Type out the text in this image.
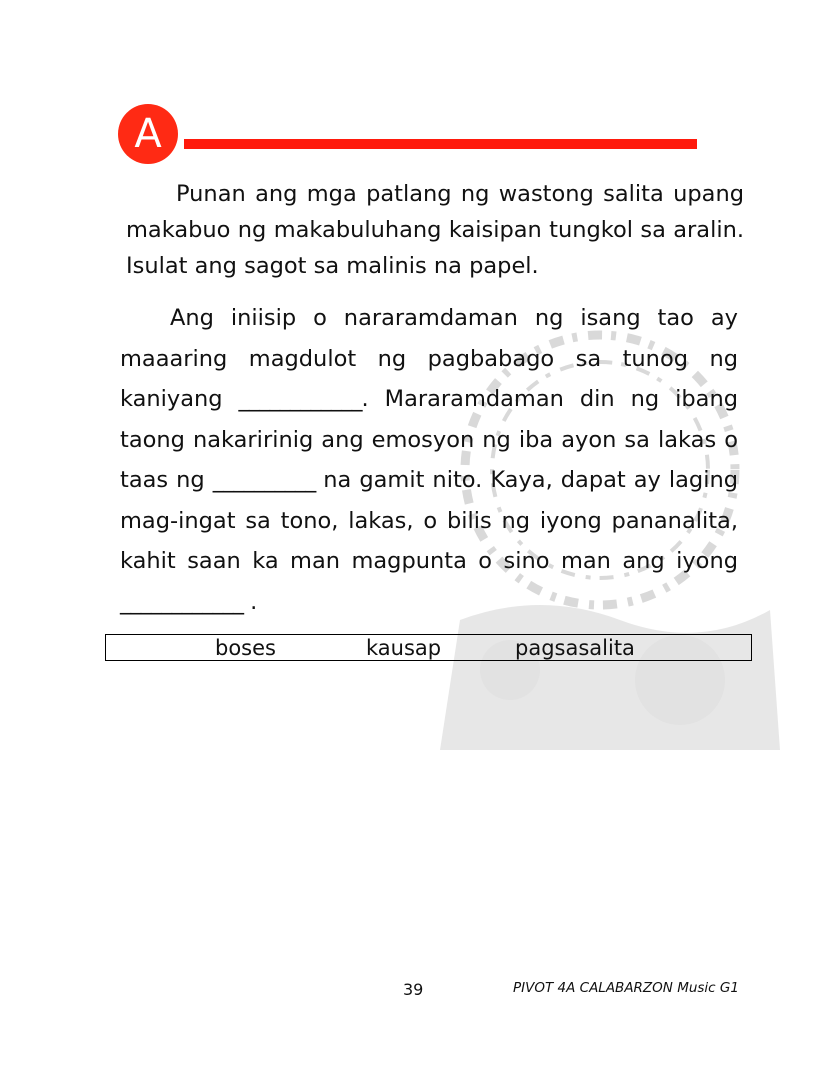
A

Punan ang mga patlang ng wastong salita upang makabuo ng makabuluhang kaisipan tungkol sa aralin. Isulat ang sagot sa malinis na papel.

Ang iniisip o nararamdaman ng isang tao ay maaaring magdulot ng pagbabago sa tunog ng kaniyang ____________. Mararamdaman din ng ibang taong nakaririnig ang emosyon ng iba ayon sa lakas o taas ng __________ na gamit nito. Kaya, dapat ay laging mag-ingat sa tono, lakas, o bilis ng iyong pananalita, kahit saan ka man magpunta o sino man ang iyong ____________ .

boses	kausap	pagsasalita
39	PIVOT 4A CALABARZON Music G1
